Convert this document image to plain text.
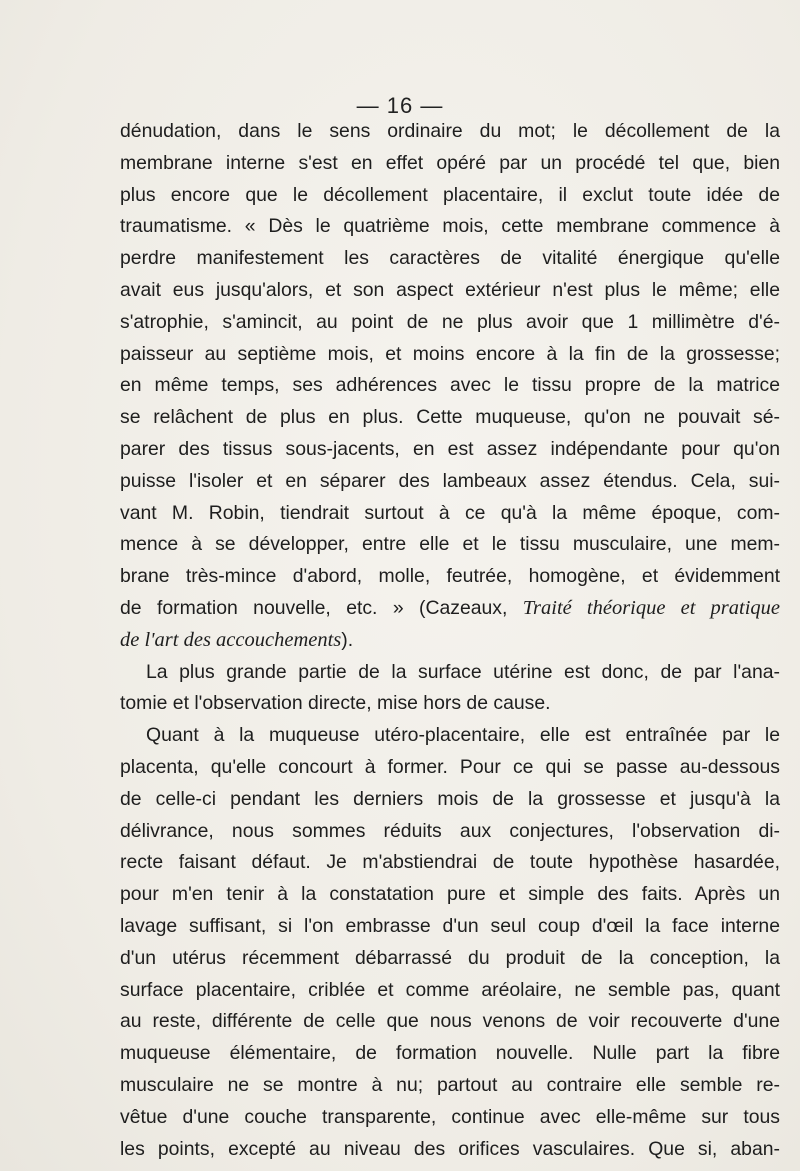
— 16 —
dénudation, dans le sens ordinaire du mot; le décollement de la
membrane interne s'est en effet opéré par un procédé tel que, bien
plus encore que le décollement placentaire, il exclut toute idée de
traumatisme. « Dès le quatrième mois, cette membrane commence à
perdre manifestement les caractères de vitalité énergique qu'elle
avait eus jusqu'alors, et son aspect extérieur n'est plus le même; elle
s'atrophie, s'amincit, au point de ne plus avoir que 1 millimètre d'é-
paisseur au septième mois, et moins encore à la fin de la grossesse;
en même temps, ses adhérences avec le tissu propre de la matrice
se relâchent de plus en plus. Cette muqueuse, qu'on ne pouvait sé-
parer des tissus sous-jacents, en est assez indépendante pour qu'on
puisse l'isoler et en séparer des lambeaux assez étendus. Cela, sui-
vant M. Robin, tiendrait surtout à ce qu'à la même époque, com-
mence à se développer, entre elle et le tissu musculaire, une mem-
brane très-mince d'abord, molle, feutrée, homogène, et évidemment
de formation nouvelle, etc. » (Cazeaux, Traité théorique et pratique
de l'art des accouchements).
La plus grande partie de la surface utérine est donc, de par l'ana-
tomie et l'observation directe, mise hors de cause.
Quant à la muqueuse utéro-placentaire, elle est entraînée par le
placenta, qu'elle concourt à former. Pour ce qui se passe au-dessous
de celle-ci pendant les derniers mois de la grossesse et jusqu'à la
délivrance, nous sommes réduits aux conjectures, l'observation di-
recte faisant défaut. Je m'abstiendrai de toute hypothèse hasardée,
pour m'en tenir à la constatation pure et simple des faits. Après un
lavage suffisant, si l'on embrasse d'un seul coup d'œil la face interne
d'un utérus récemment débarrassé du produit de la conception, la
surface placentaire, criblée et comme aréolaire, ne semble pas, quant
au reste, différente de celle que nous venons de voir recouverte d'une
muqueuse élémentaire, de formation nouvelle. Nulle part la fibre
musculaire ne se montre à nu; partout au contraire elle semble re-
vêtue d'une couche transparente, continue avec elle-même sur tous
les points, excepté au niveau des orifices vasculaires. Que si, aban-
